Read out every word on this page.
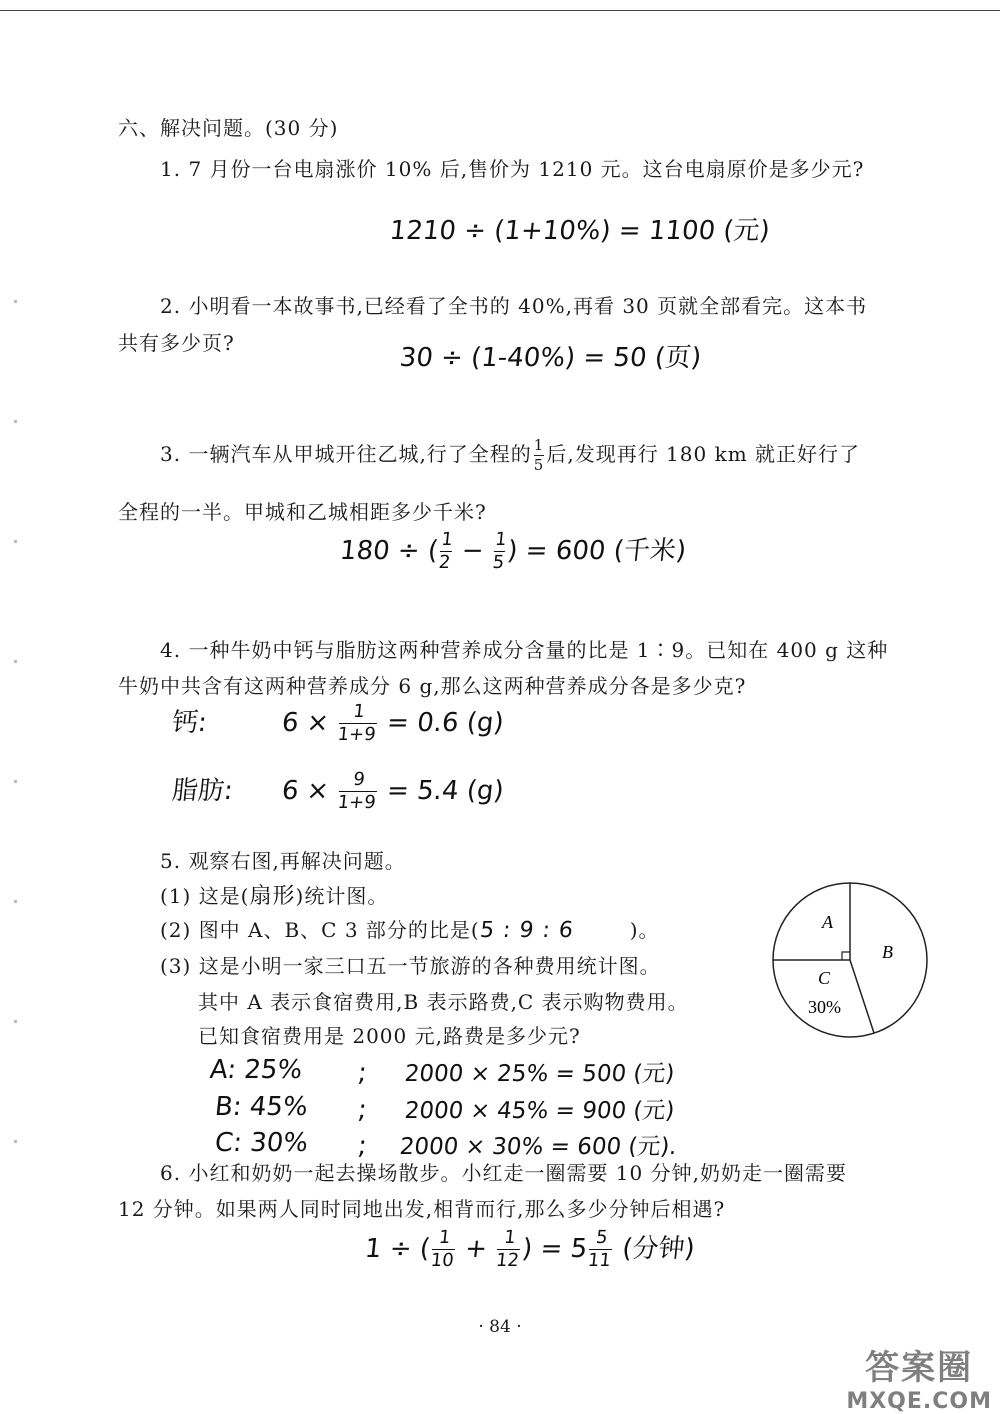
六、解决问题。(30 分)
1. 7 月份一台电扇涨价 10% 后,售价为 1210 元。这台电扇原价是多少元?
1210 ÷ (1+10%) = 1100 (元)
2. 小明看一本故事书,已经看了全书的 40%,再看 30 页就全部看完。这本书
共有多少页?	30 ÷ (1-40%) = 50 (页)
3. 一辆汽车从甲城开往乙城,行了全程的 $\frac{1}{5}$ 后,发现再行 180 km 就正好行了
全程的一半。甲城和乙城相距多少千米?
180 ÷ (
$\frac{1}{2}$
−
$\frac{1}{5}$
) = 600 (千米)
4. 一种牛奶中钙与脂肪这两种营养成分含量的比是 1∶9。已知在 400 g 这种
牛奶中共含有这两种营养成分 6 g,那么这两种营养成分各是多少克?
钙:	$6 \times \frac{1}{1+9} = 0.6$ (g)
脂肪: $6 \times \frac{9}{1+9} = 5.4$ (g)
5. 观察右图,再解决问题。
(1) 这是(扇形)统计图。
(2) 图中 A、B、C 3 部分的比是(5 : 9 : 6	)。
(3) 这是小明一家三口五一节旅游的各种费用统计图。
其中 A 表示食宿费用,B 表示路费,C 表示购物费用。
已知食宿费用是 2000 元,路费是多少元?
A
B
C
30%
A: 25% ; 2000 × 25% = 500 (元)
B: 45% ; 2000 × 45% = 900 (元)
C: 30% ; 2000 × 30% = 600 (元).
6. 小红和奶奶一起去操场散步。小红走一圈需要 10 分钟,奶奶走一圈需要
12 分钟。如果两人同时同地出发,相背而行,那么多少分钟后相遇?
1 ÷ (
$\frac{1}{10}$
+
$\frac{1}{12}$
) = 5
$\frac{5}{11}$
(分钟)
· 84 ·
答案圈
MXQE.COM
